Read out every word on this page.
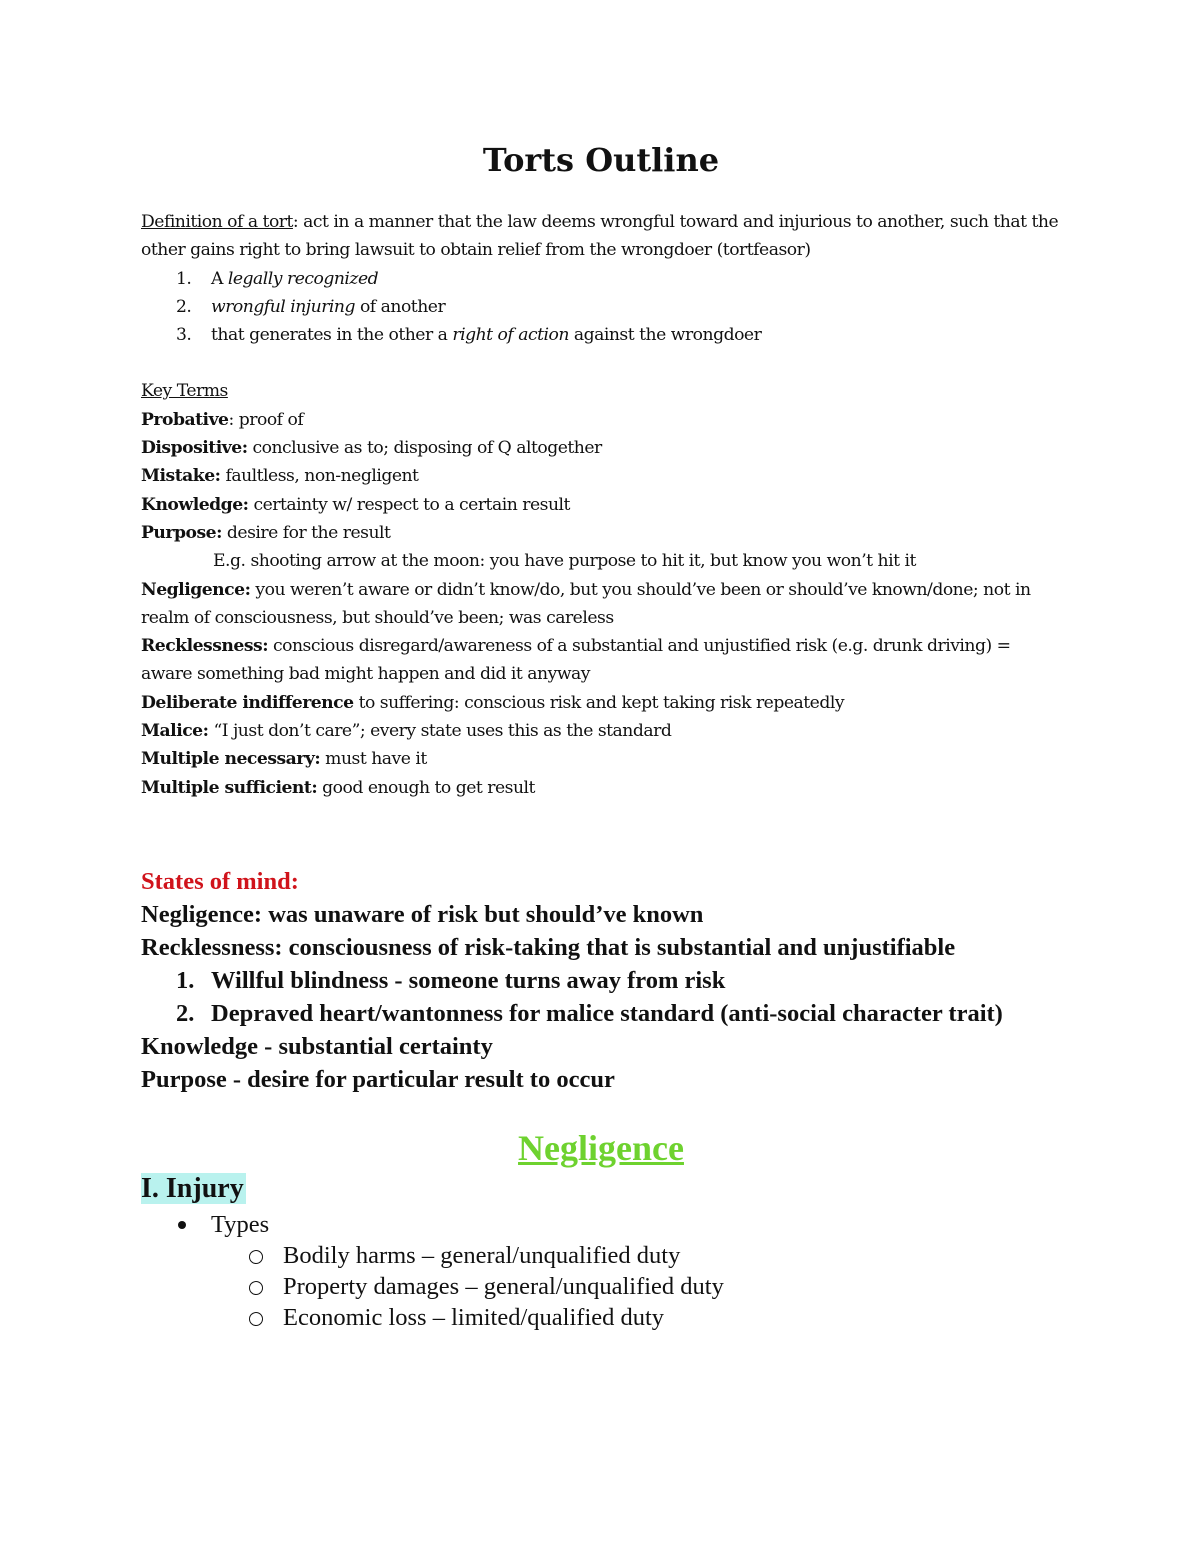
Torts Outline
Definition of a tort: act in a manner that the law deems wrongful toward and injurious to another, such that the other gains right to bring lawsuit to obtain relief from the wrongdoer (tortfeasor)
1. A legally recognized
2. wrongful injuring of another
3. that generates in the other a right of action against the wrongdoer
Key Terms
Probative: proof of
Dispositive: conclusive as to; disposing of Q altogether
Mistake: faultless, non-negligent
Knowledge: certainty w/ respect to a certain result
Purpose: desire for the result
E.g. shooting arrow at the moon: you have purpose to hit it, but know you won’t hit it
Negligence: you weren’t aware or didn’t know/do, but you should’ve been or should’ve known/done; not in realm of consciousness, but should’ve been; was careless
Recklessness: conscious disregard/awareness of a substantial and unjustified risk (e.g. drunk driving) = aware something bad might happen and did it anyway
Deliberate indifference to suffering: conscious risk and kept taking risk repeatedly
Malice: “I just don’t care”; every state uses this as the standard
Multiple necessary: must have it
Multiple sufficient: good enough to get result
States of mind:
Negligence: was unaware of risk but should’ve known
Recklessness: consciousness of risk-taking that is substantial and unjustifiable
1. Willful blindness - someone turns away from risk
2. Depraved heart/wantonness for malice standard (anti-social character trait)
Knowledge - substantial certainty
Purpose - desire for particular result to occur
Negligence
I. Injury
Types
Bodily harms – general/unqualified duty
Property damages – general/unqualified duty
Economic loss – limited/qualified duty
